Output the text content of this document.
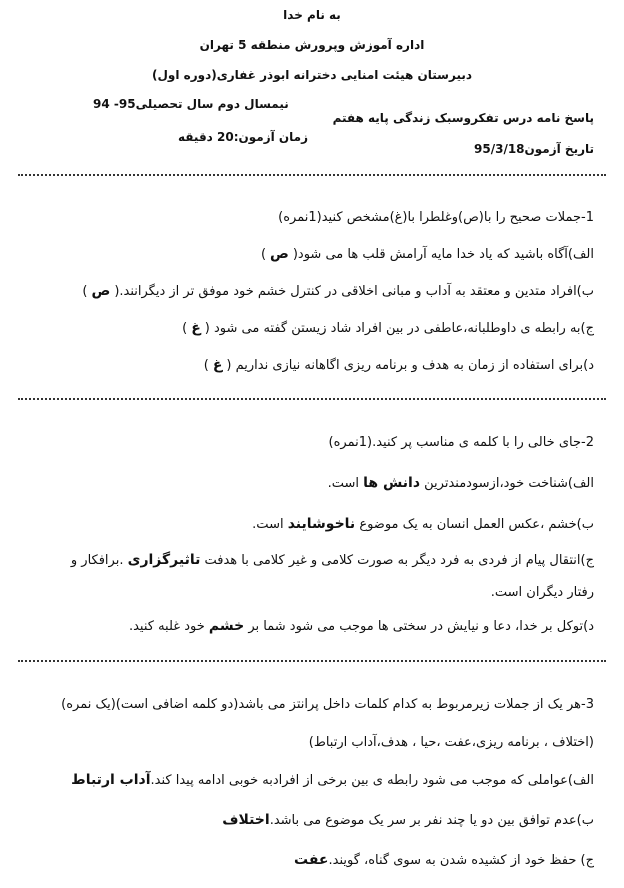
به نام خدا
اداره آموزش وپرورش منطقه 5 تهران
دبیرستان هیئت امنایی دخترانه ابوذر غفاری(دوره اول)
پاسخ نامه درس تفکروسبک زندگی پایه هفتم
نیمسال دوم سال تحصیلی95- 94
تاریخ آزمون95/3/18
زمان آزمون:20 دقیقه
1-جملات صحیح را با(ص)وغلطرا با(غ)مشخص کنید(1نمره)
الف)آگاه باشید که یاد خدا مایه آرامش قلب ها می شود(ص)
ب)افراد متدین و معتقد به آداب و مبانی اخلاقی در کنترل خشم خود موفق تر از دیگرانند.(ص)
ج)به رابطه ی داوطلبانه،عاطفی در بین افراد شاد زیستن گفته می شود (غ)
د)برای استفاده از زمان به هدف و برنامه ریزی اگاهانه نیازی نداریم (غ)
2-جای خالی را با کلمه ی مناسب پر کنید.(1نمره)
الف)شناخت خود،ازسودمندترین دانش ها است.
ب)خشم ،عکس العمل انسان به یک موضوع ناخوشایند است.
ج)انتقال پیام از فردی به فرد دیگر به صورت کلامی و غیر کلامی با هدفت تاثیرگزاری .برافکار و
رفتار دیگران است.
د)توکل بر خدا، دعا و نیایش در سختی ها موجب می شود شما بر خشم خود غلبه کنید.
3-هر یک از جملات زیرمربوط به کدام کلمات داخل پرانتز می باشد(دو کلمه اضافی است)(یک نمره)
(اختلاف ، برنامه ریزی،عفت ،حیا ، هدف،آداب ارتباط)
الف)عواملی که موجب می شود رابطه ی بین برخی از افرادبه خوبی ادامه پیدا کند.آداب ارتباط
ب)عدم توافق بین دو یا چند نفر بر سر یک موضوع می باشد.اختلاف
ج) حفظ خود از کشیده شدن به سوی گناه، گویند.عفت
